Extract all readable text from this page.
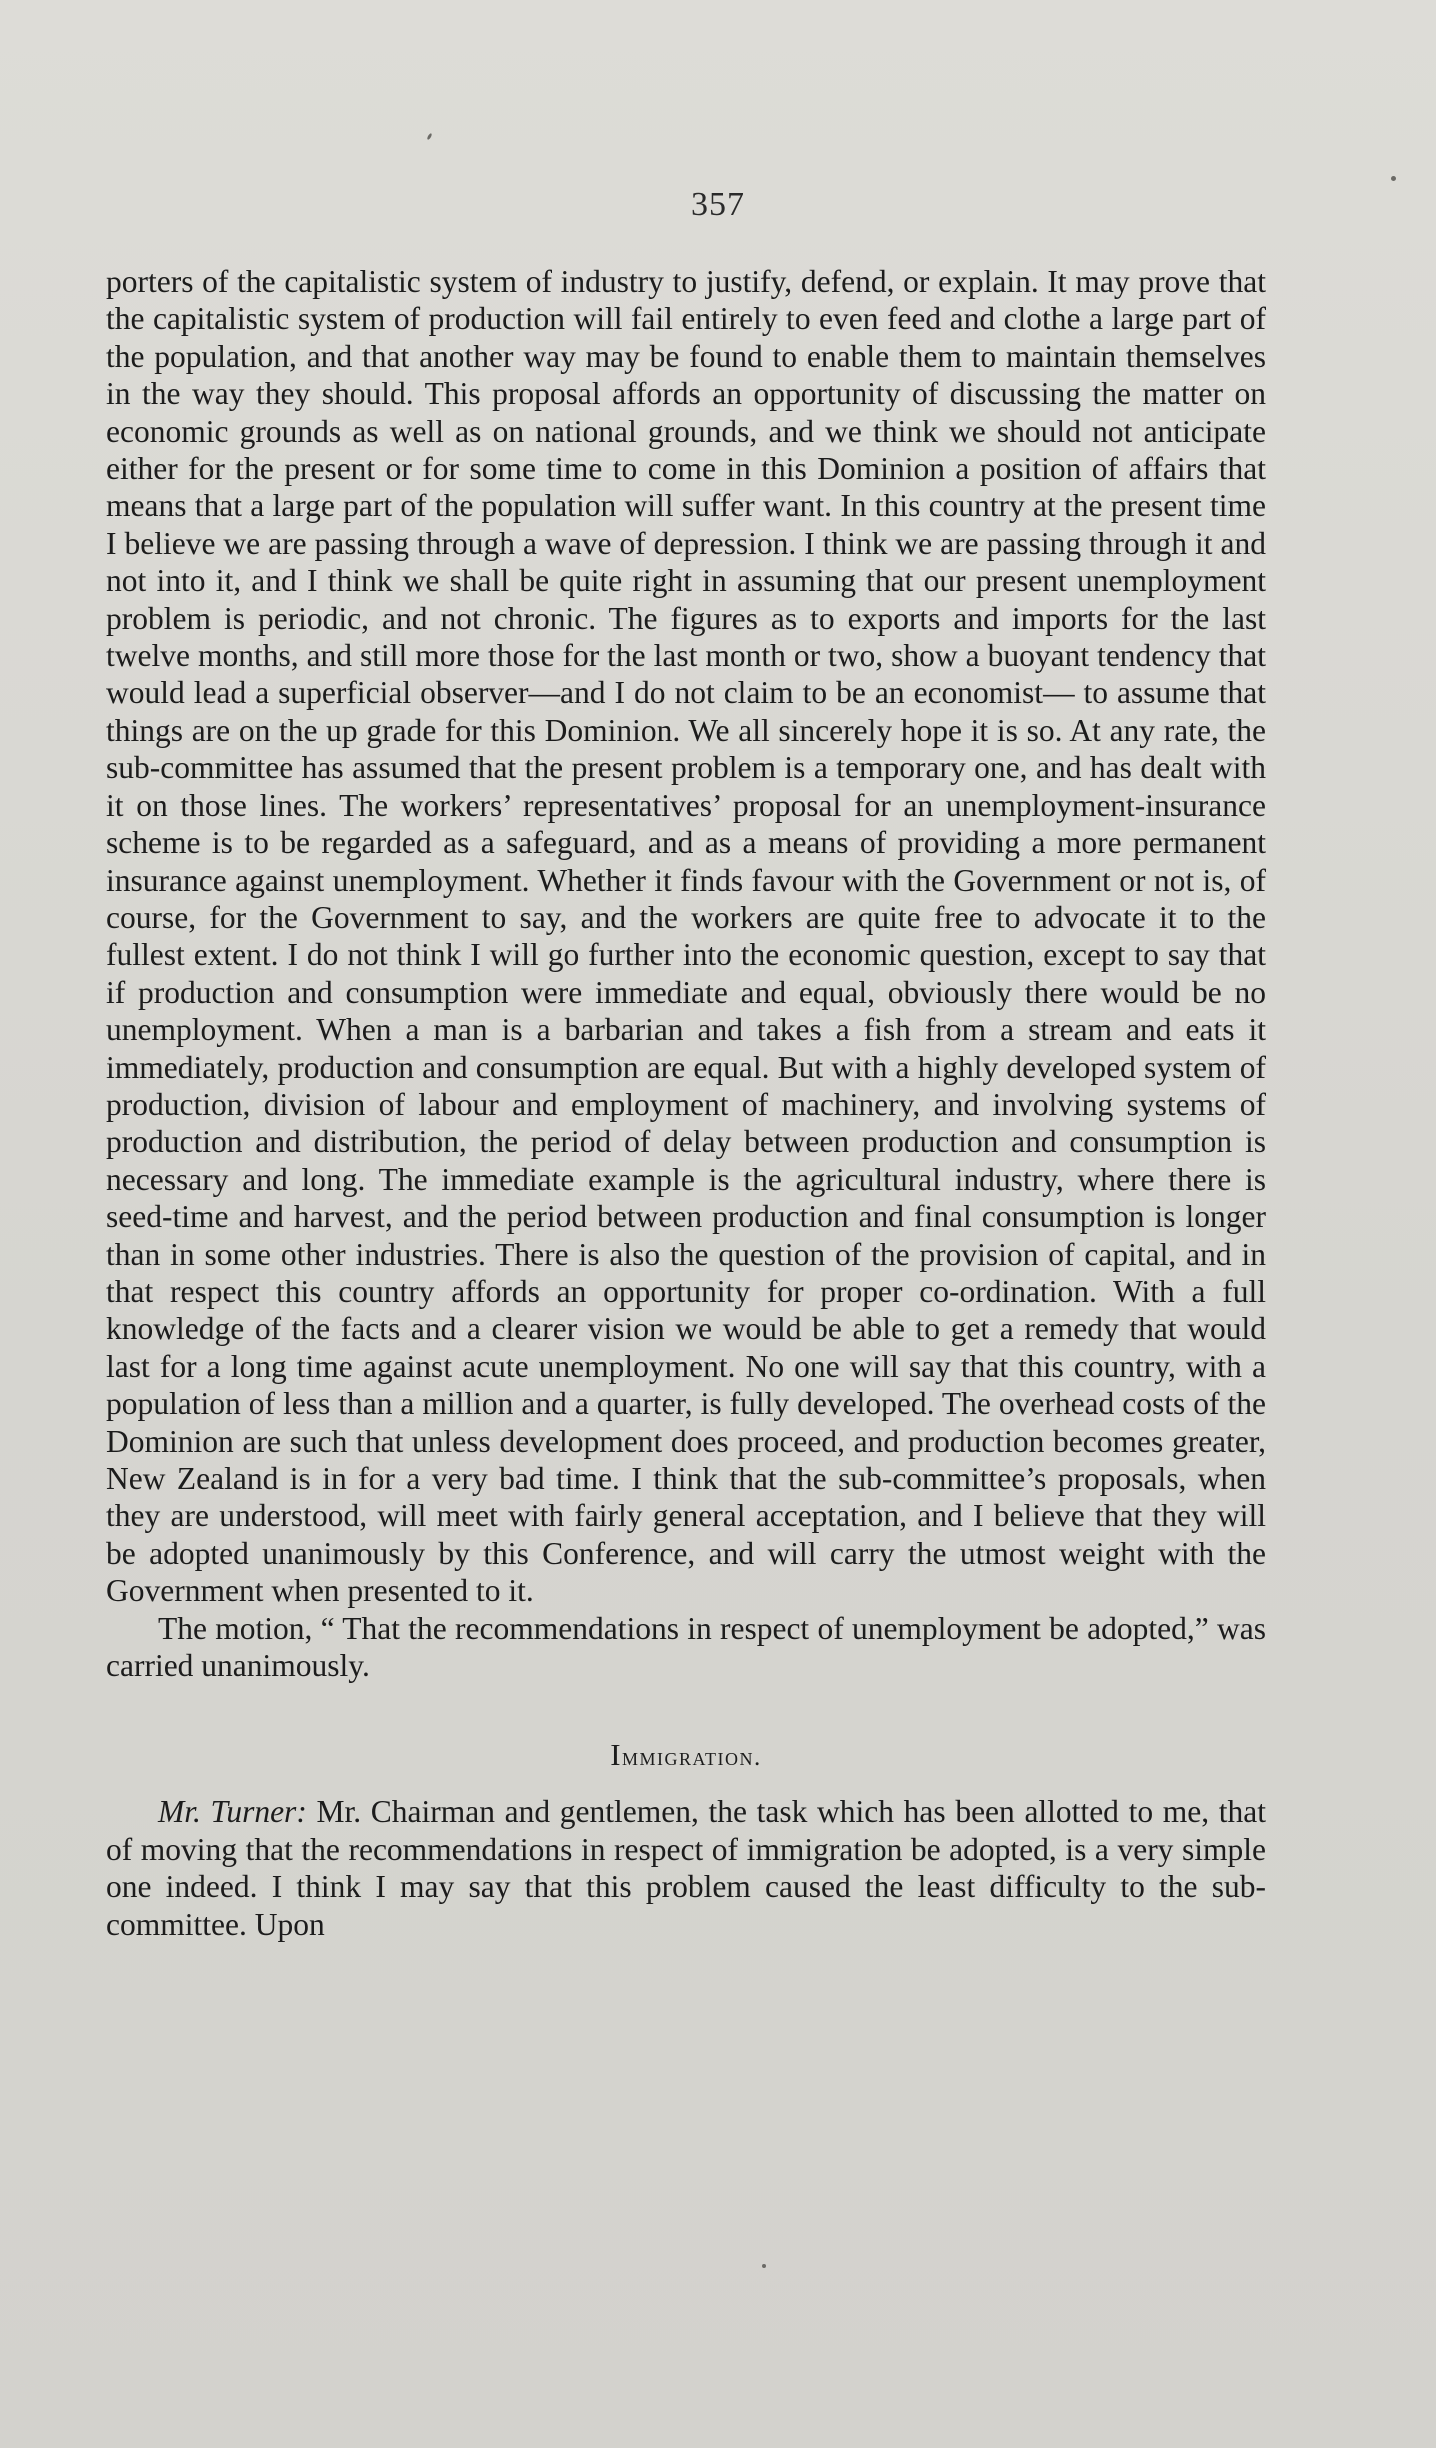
357

porters of the capitalistic system of industry to justify, defend, or explain. It may prove that the capitalistic system of production will fail entirely to even feed and clothe a large part of the population, and that another way may be found to enable them to maintain themselves in the way they should. This proposal affords an opportunity of discussing the matter on economic grounds as well as on national grounds, and we think we should not anticipate either for the present or for some time to come in this Dominion a position of affairs that means that a large part of the population will suffer want. In this country at the present time I believe we are passing through a wave of depression. I think we are passing through it and not into it, and I think we shall be quite right in assuming that our present unemployment problem is periodic, and not chronic. The figures as to exports and imports for the last twelve months, and still more those for the last month or two, show a buoyant tendency that would lead a superficial observer—and I do not claim to be an economist— to assume that things are on the up grade for this Dominion. We all sincerely hope it is so. At any rate, the sub-committee has assumed that the present problem is a temporary one, and has dealt with it on those lines. The workers’ representatives’ proposal for an unemployment-insurance scheme is to be regarded as a safeguard, and as a means of providing a more permanent insurance against unemployment. Whether it finds favour with the Government or not is, of course, for the Government to say, and the workers are quite free to advocate it to the fullest extent. I do not think I will go further into the economic question, except to say that if production and consumption were immediate and equal, obviously there would be no unemployment. When a man is a barbarian and takes a fish from a stream and eats it immediately, production and consumption are equal. But with a highly developed system of production, division of labour and employment of machinery, and involving systems of production and distribution, the period of delay between production and consumption is necessary and long. The immediate example is the agricultural industry, where there is seed-time and harvest, and the period between production and final consumption is longer than in some other industries. There is also the question of the provision of capital, and in that respect this country affords an opportunity for proper co-ordination. With a full knowledge of the facts and a clearer vision we would be able to get a remedy that would last for a long time against acute unemployment. No one will say that this country, with a population of less than a million and a quarter, is fully developed. The overhead costs of the Dominion are such that unless development does proceed, and production becomes greater, New Zealand is in for a very bad time. I think that the sub-committee’s proposals, when they are understood, will meet with fairly general acceptation, and I believe that they will be adopted unanimously by this Conference, and will carry the utmost weight with the Government when presented to it.

The motion, “ That the recommendations in respect of unemployment be adopted,” was carried unanimously.

Immigration.

Mr. Turner: Mr. Chairman and gentlemen, the task which has been allotted to me, that of moving that the recommendations in respect of immigration be adopted, is a very simple one indeed. I think I may say that this problem caused the least difficulty to the sub-committee. Upon
